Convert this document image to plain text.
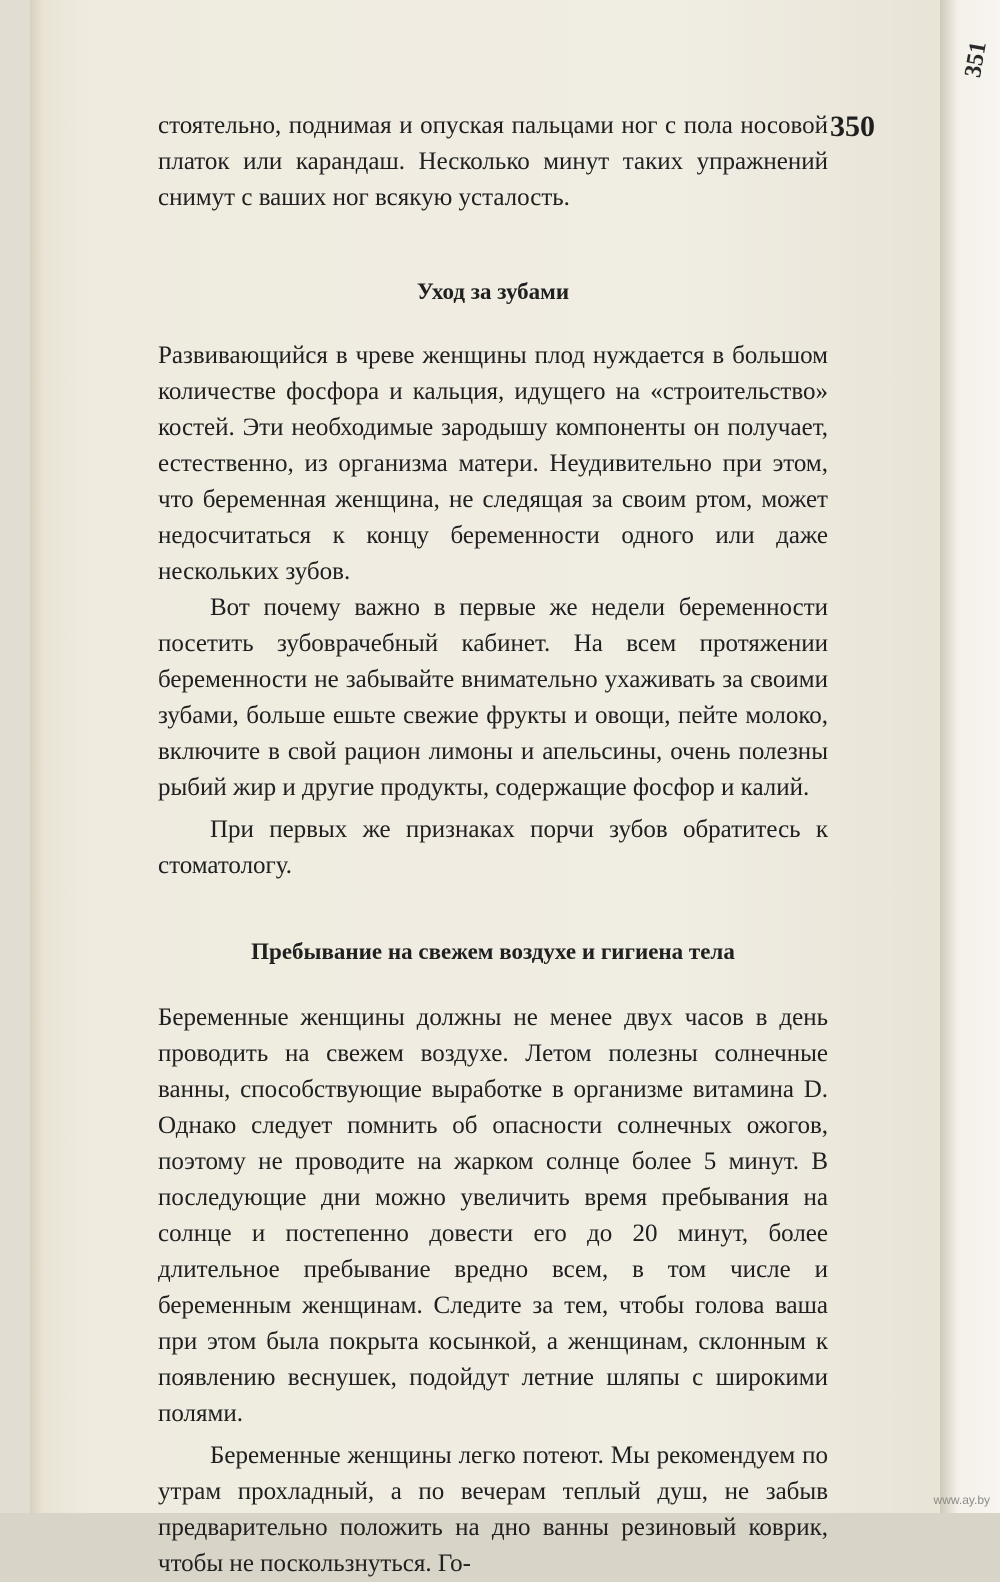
351
350

стоятельно, поднимая и опуская пальцами ног с пола носовой платок или карандаш. Несколько минут таких упражнений снимут с ваших ног всякую усталость.

Уход за зубами

Развивающийся в чреве женщины плод нуждается в большом количестве фосфора и кальция, идущего на «строительство» костей. Эти необходимые зародышу компоненты он получает, естественно, из организма матери. Неудивительно при этом, что беременная женщина, не следящая за своим ртом, может недосчитаться к концу беременности одного или даже нескольких зубов.

Вот почему важно в первые же недели беременности посетить зубоврачебный кабинет. На всем протяжении беременности не забывайте внимательно ухаживать за своими зубами, больше ешьте свежие фрукты и овощи, пейте молоко, включите в свой рацион лимоны и апельсины, очень полезны рыбий жир и другие продукты, содержащие фосфор и калий.

При первых же признаках порчи зубов обратитесь к стоматологу.

Пребывание на свежем воздухе и гигиена тела

Беременные женщины должны не менее двух часов в день проводить на свежем воздухе. Летом полезны солнечные ванны, способствующие выработке в организме витамина D. Однако следует помнить об опасности солнечных ожогов, поэтому не проводите на жарком солнце более 5 минут. В последующие дни можно увеличить время пребывания на солнце и постепенно довести его до 20 минут, более длительное пребывание вредно всем, в том числе и беременным женщинам. Следите за тем, чтобы голова ваша при этом была покрыта косынкой, а женщинам, склонным к появлению веснушек, подойдут летние шляпы с широкими полями.

Беременные женщины легко потеют. Мы рекомендуем по утрам прохладный, а по вечерам теплый душ, не забыв предварительно положить на дно ванны резиновый коврик, чтобы не поскользнуться. Го-

www.ay.by
